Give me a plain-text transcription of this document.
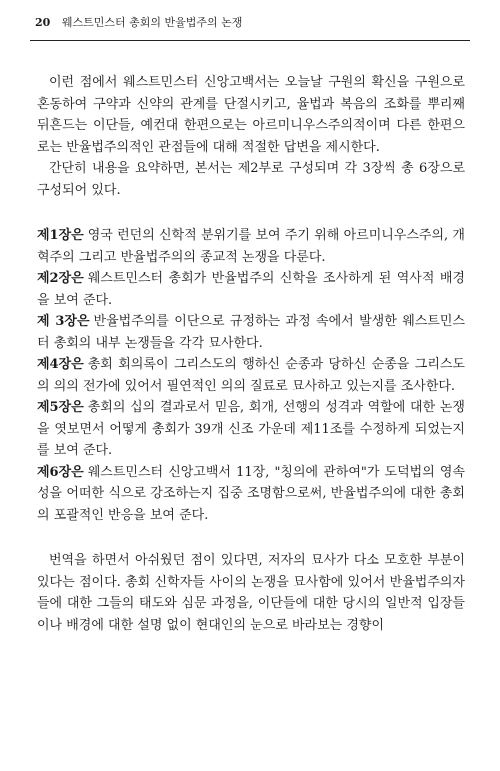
20 웨스트민스터 총회의 반율법주의 논쟁

이런 점에서 웨스트민스터 신앙고백서는 오늘날 구원의 확신을 구원으로 혼동하여 구약과 신약의 관계를 단절시키고, 율법과 복음의 조화를 뿌리째 뒤흔드는 이단들, 예컨대 한편으로는 아르미니우스주의적이며 다른 한편으로는 반율법주의적인 관점들에 대해 적절한 답변을 제시한다.

간단히 내용을 요약하면, 본서는 제2부로 구성되며 각 3장씩 총 6장으로 구성되어 있다.

제1장은 영국 런던의 신학적 분위기를 보여 주기 위해 아르미니우스주의, 개혁주의 그리고 반율법주의의 종교적 논쟁을 다룬다.

제2장은 웨스트민스터 총회가 반율법주의 신학을 조사하게 된 역사적 배경을 보여 준다.

제 3장은 반율법주의를 이단으로 규정하는 과정 속에서 발생한 웨스트민스터 총회의 내부 논쟁들을 각각 묘사한다.

제4장은 총회 회의록이 그리스도의 행하신 순종과 당하신 순종을 그리스도의 의의 전가에 있어서 필연적인 의의 질료로 묘사하고 있는지를 조사한다.

제5장은 총회의 십의 결과로서 믿음, 회개, 선행의 성격과 역할에 대한 논쟁을 엿보면서 어떻게 총회가 39개 신조 가운데 제11조를 수정하게 되었는지를 보여 준다.

제6장은 웨스트민스터 신앙고백서 11장, "칭의에 관하여"가 도덕법의 영속성을 어떠한 식으로 강조하는지 집중 조명함으로써, 반율법주의에 대한 총회의 포괄적인 반응을 보여 준다.

번역을 하면서 아쉬웠던 점이 있다면, 저자의 묘사가 다소 모호한 부분이 있다는 점이다. 총회 신학자들 사이의 논쟁을 묘사함에 있어서 반율법주의자들에 대한 그들의 태도와 심문 과정을, 이단들에 대한 당시의 일반적 입장들이나 배경에 대한 설명 없이 현대인의 눈으로 바라보는 경향이
